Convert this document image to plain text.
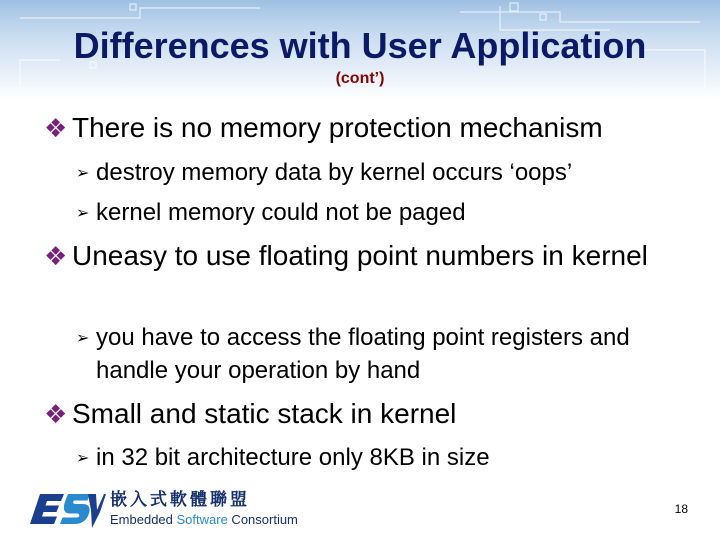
Differences with User Application
(cont’)
❖ There is no memory protection mechanism
➢ destroy memory data by kernel occurs ‘oops’
➢ kernel memory could not be paged
❖ Uneasy to use floating point numbers in kernel
➢ you have to access the floating point registers and handle your operation by hand
❖ Small and static stack in kernel
➢ in 32 bit architecture only 8KB in size
嵌入式軟體聯盟
Embedded Software Consortium
18
